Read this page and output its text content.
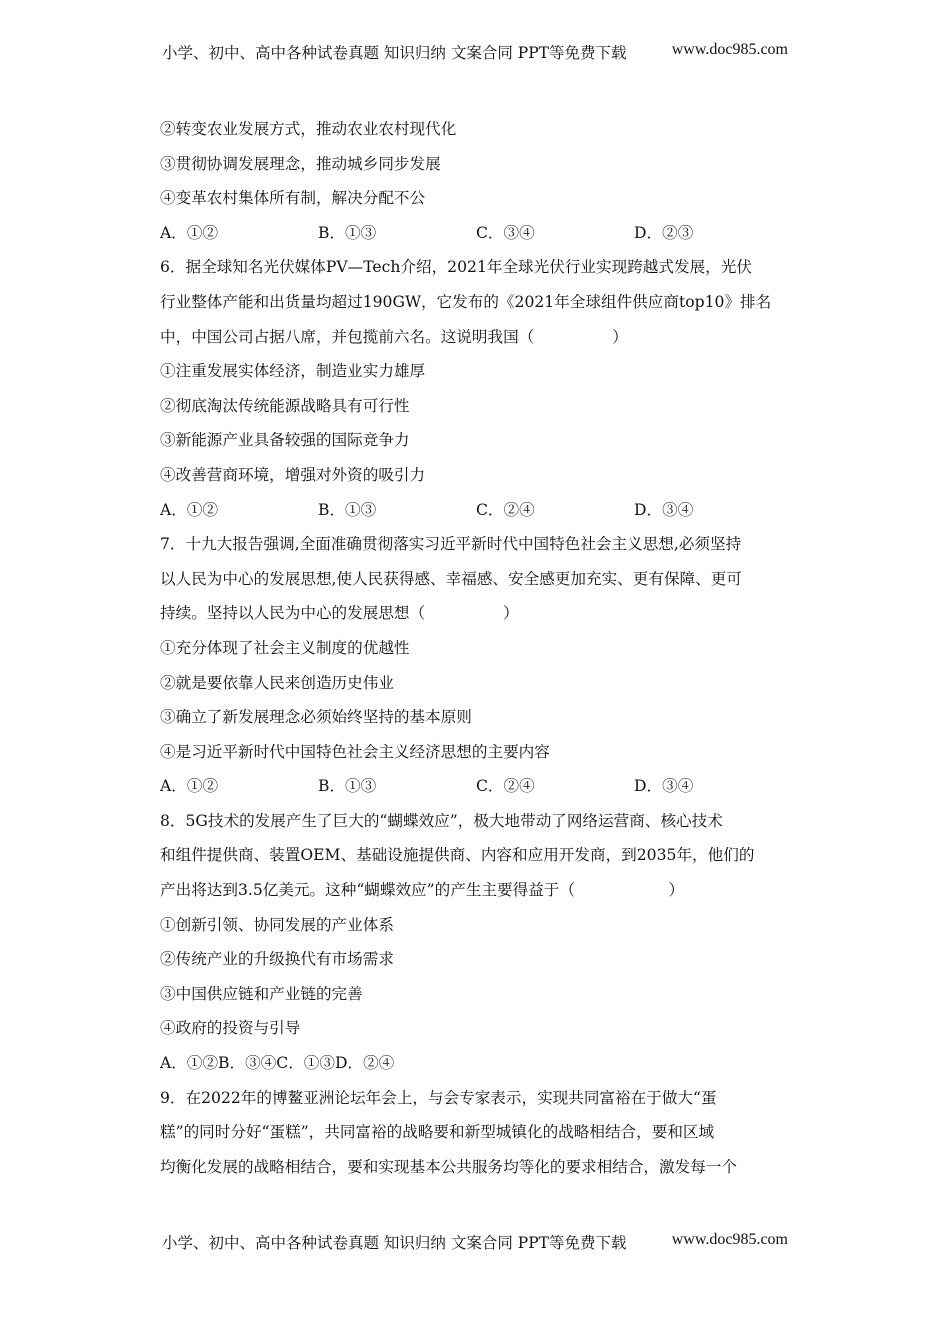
小学、初中、高中各种试卷真题 知识归纳 文案合同 PPT等免费下载	www.doc985.com
②转变农业发展方式，推动农业农村现代化
③贯彻协调发展理念，推动城乡同步发展
④变革农村集体所有制，解决分配不公
A．①②	B．①③	C．③④	D．②③
6．据全球知名光伏媒体PV—Tech介绍，2021年全球光伏行业实现跨越式发展，光伏
行业整体产能和出货量均超过190GW，它发布的《2021年全球组件供应商top10》排名
中，中国公司占据八席，并包揽前六名。这说明我国（　　　　　）
①注重发展实体经济，制造业实力雄厚
②彻底淘汰传统能源战略具有可行性
③新能源产业具备较强的国际竞争力
④改善营商环境，增强对外资的吸引力
A．①②	B．①③	C．②④	D．③④
7．十九大报告强调,全面准确贯彻落实习近平新时代中国特色社会主义思想,必须坚持
以人民为中心的发展思想,使人民获得感、幸福感、安全感更加充实、更有保障、更可
持续。坚持以人民为中心的发展思想（　　　　　）
①充分体现了社会主义制度的优越性
②就是要依靠人民来创造历史伟业
③确立了新发展理念必须始终坚持的基本原则
④是习近平新时代中国特色社会主义经济思想的主要内容
A．①②	B．①③	C．②④	D．③④
8．5G技术的发展产生了巨大的“蝴蝶效应”，极大地带动了网络运营商、核心技术
和组件提供商、装置OEM、基础设施提供商、内容和应用开发商，到2035年，他们的
产出将达到3.5亿美元。这种“蝴蝶效应”的产生主要得益于（　　　　　　）
①创新引领、协同发展的产业体系
②传统产业的升级换代有市场需求
③中国供应链和产业链的完善
④政府的投资与引导
A．①②B．③④C．①③D．②④
9．在2022年的博鳌亚洲论坛年会上，与会专家表示，实现共同富裕在于做大“蛋
糕”的同时分好“蛋糕”，共同富裕的战略要和新型城镇化的战略相结合，要和区域
均衡化发展的战略相结合，要和实现基本公共服务均等化的要求相结合，激发每一个
小学、初中、高中各种试卷真题 知识归纳 文案合同 PPT等免费下载	www.doc985.com
